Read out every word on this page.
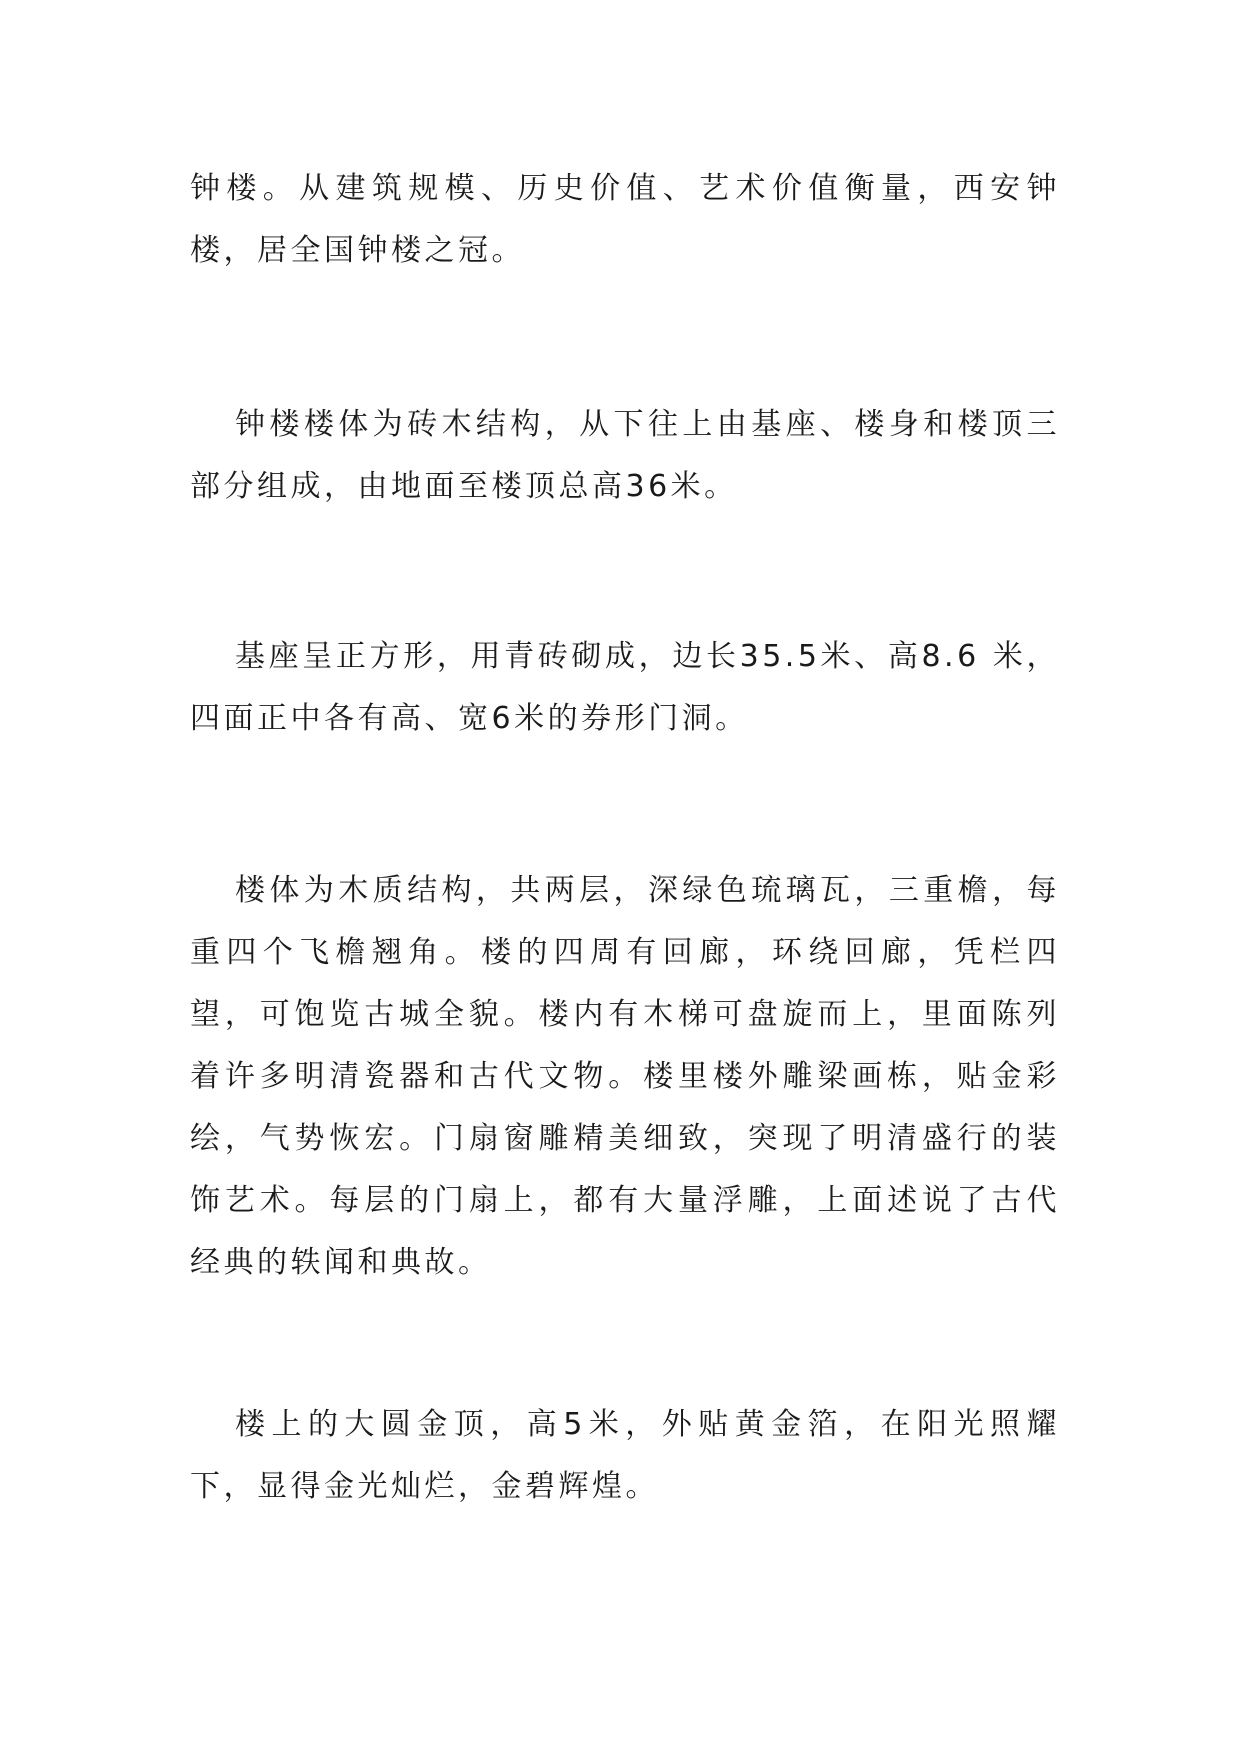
钟楼。从建筑规模、历史价值、艺术价值衡量，西安钟楼，居全国钟楼之冠。

钟楼楼体为砖木结构，从下往上由基座、楼身和楼顶三部分组成，由地面至楼顶总高36米。

基座呈正方形，用青砖砌成，边长35.5米、高8.6 米，四面正中各有高、宽6米的券形门洞。

楼体为木质结构，共两层，深绿色琉璃瓦，三重檐，每重四个飞檐翘角。楼的四周有回廊，环绕回廊，凭栏四望，可饱览古城全貌。楼内有木梯可盘旋而上，里面陈列着许多明清瓷器和古代文物。楼里楼外雕梁画栋，贴金彩绘，气势恢宏。门扇窗雕精美细致，突现了明清盛行的装饰艺术。每层的门扇上，都有大量浮雕，上面述说了古代经典的轶闻和典故。

楼上的大圆金顶，高5米，外贴黄金箔，在阳光照耀下，显得金光灿烂，金碧辉煌。
